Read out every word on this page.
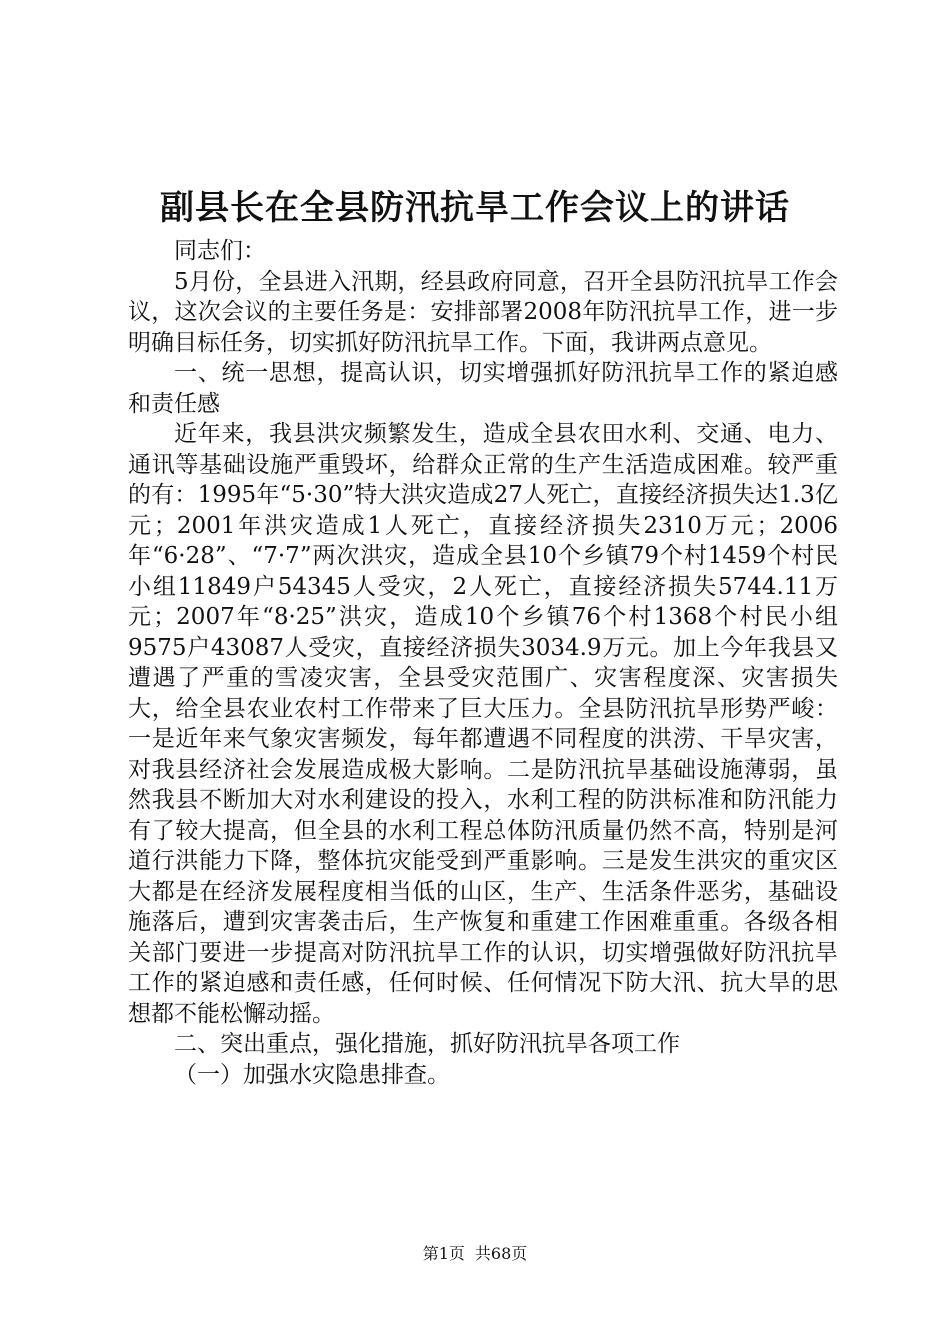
副县长在全县防汛抗旱工作会议上的讲话

同志们：

5月份，全县进入汛期，经县政府同意，召开全县防汛抗旱工作会议，这次会议的主要任务是：安排部署2008年防汛抗旱工作，进一步明确目标任务，切实抓好防汛抗旱工作。下面，我讲两点意见。

一、统一思想，提高认识，切实增强抓好防汛抗旱工作的紧迫感和责任感

近年来，我县洪灾频繁发生，造成全县农田水利、交通、电力、通讯等基础设施严重毁坏，给群众正常的生产生活造成困难。较严重的有：1995年“5·30”特大洪灾造成27人死亡，直接经济损失达1.3亿元；2001年洪灾造成1人死亡，直接经济损失2310万元；2006年“6·28”、“7·7”两次洪灾，造成全县10个乡镇79个村1459个村民小组11849户54345人受灾，2人死亡，直接经济损失5744.11万元；2007年“8·25”洪灾，造成10个乡镇76个村1368个村民小组9575户43087人受灾，直接经济损失3034.9万元。加上今年我县又遭遇了严重的雪凌灾害，全县受灾范围广、灾害程度深、灾害损失大，给全县农业农村工作带来了巨大压力。全县防汛抗旱形势严峻：一是近年来气象灾害频发，每年都遭遇不同程度的洪涝、干旱灾害，对我县经济社会发展造成极大影响。二是防汛抗旱基础设施薄弱，虽然我县不断加大对水利建设的投入，水利工程的防洪标准和防汛能力有了较大提高，但全县的水利工程总体防汛质量仍然不高，特别是河道行洪能力下降，整体抗灾能受到严重影响。三是发生洪灾的重灾区大都是在经济发展程度相当低的山区，生产、生活条件恶劣，基础设施落后，遭到灾害袭击后，生产恢复和重建工作困难重重。各级各相关部门要进一步提高对防汛抗旱工作的认识，切实增强做好防汛抗旱工作的紧迫感和责任感，任何时候、任何情况下防大汛、抗大旱的思想都不能松懈动摇。

二、突出重点，强化措施，抓好防汛抗旱各项工作

（一）加强水灾隐患排查。

第1页 共68页
